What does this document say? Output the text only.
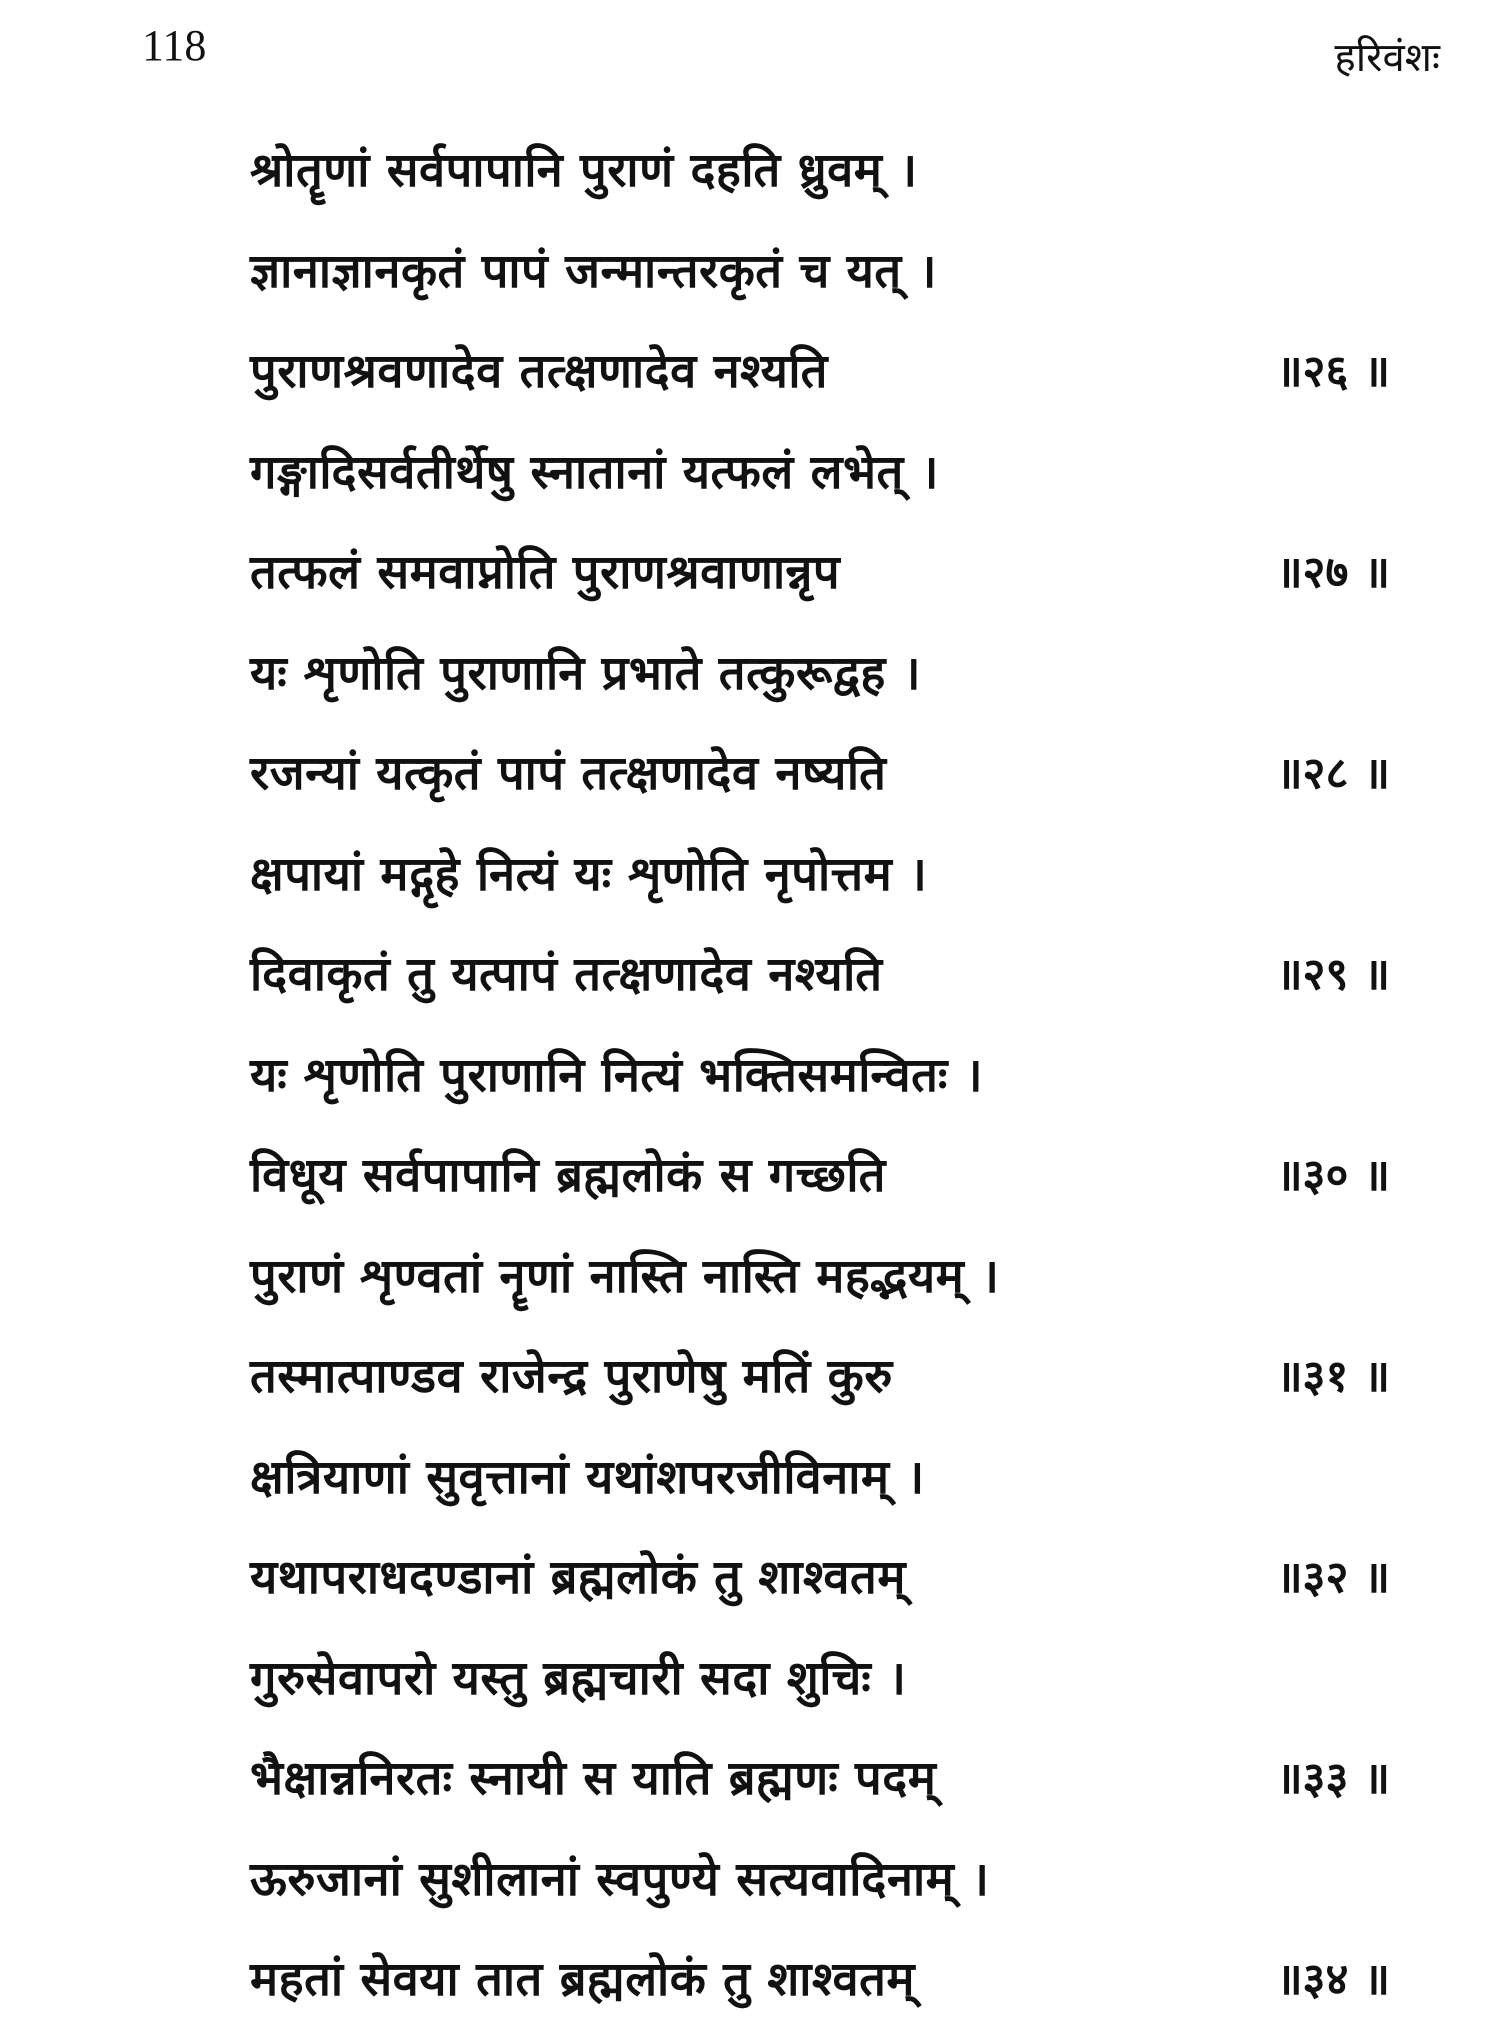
118	हरिवंशः
श्रोतॄणां सर्वपापानि पुराणं दहति ध्रुवम् ।
ज्ञानाज्ञानकृतं पापं जन्मान्तरकृतं च यत् ।
पुराणश्रवणादेव तत्क्षणादेव नश्यति	॥२६ ॥
गङ्गादिसर्वतीर्थेषु स्नातानां यत्फलं लभेत् ।
तत्फलं समवाप्नोति पुराणश्रवाणान्नृप	॥२७ ॥
यः शृणोति पुराणानि प्रभाते तत्कुरूद्वह ।
रजन्यां यत्कृतं पापं तत्क्षणादेव नष्यति	॥२८ ॥
क्षपायां मद्गृहे नित्यं यः शृणोति नृपोत्तम ।
दिवाकृतं तु यत्पापं तत्क्षणादेव नश्यति	॥२९ ॥
यः शृणोति पुराणानि नित्यं भक्तिसमन्वितः ।
विधूय सर्वपापानि ब्रह्मलोकं स गच्छति	॥३० ॥
पुराणं शृण्वतां नॄणां नास्ति नास्ति महद्भयम् ।
तस्मात्पाण्डव राजेन्द्र पुराणेषु मतिं कुरु	॥३१ ॥
क्षत्रियाणां सुवृत्तानां यथांशपरजीविनाम् ।
यथापराधदण्डानां ब्रह्मलोकं तु शाश्वतम्	॥३२ ॥
गुरुसेवापरो यस्तु ब्रह्मचारी सदा शुचिः ।
भैक्षान्ननिरतः स्नायी स याति ब्रह्मणः पदम्	॥३३ ॥
ऊरुजानां सुशीलानां स्वपुण्ये सत्यवादिनाम् ।
महतां सेवया तात ब्रह्मलोकं तु शाश्वतम्	॥३४ ॥
